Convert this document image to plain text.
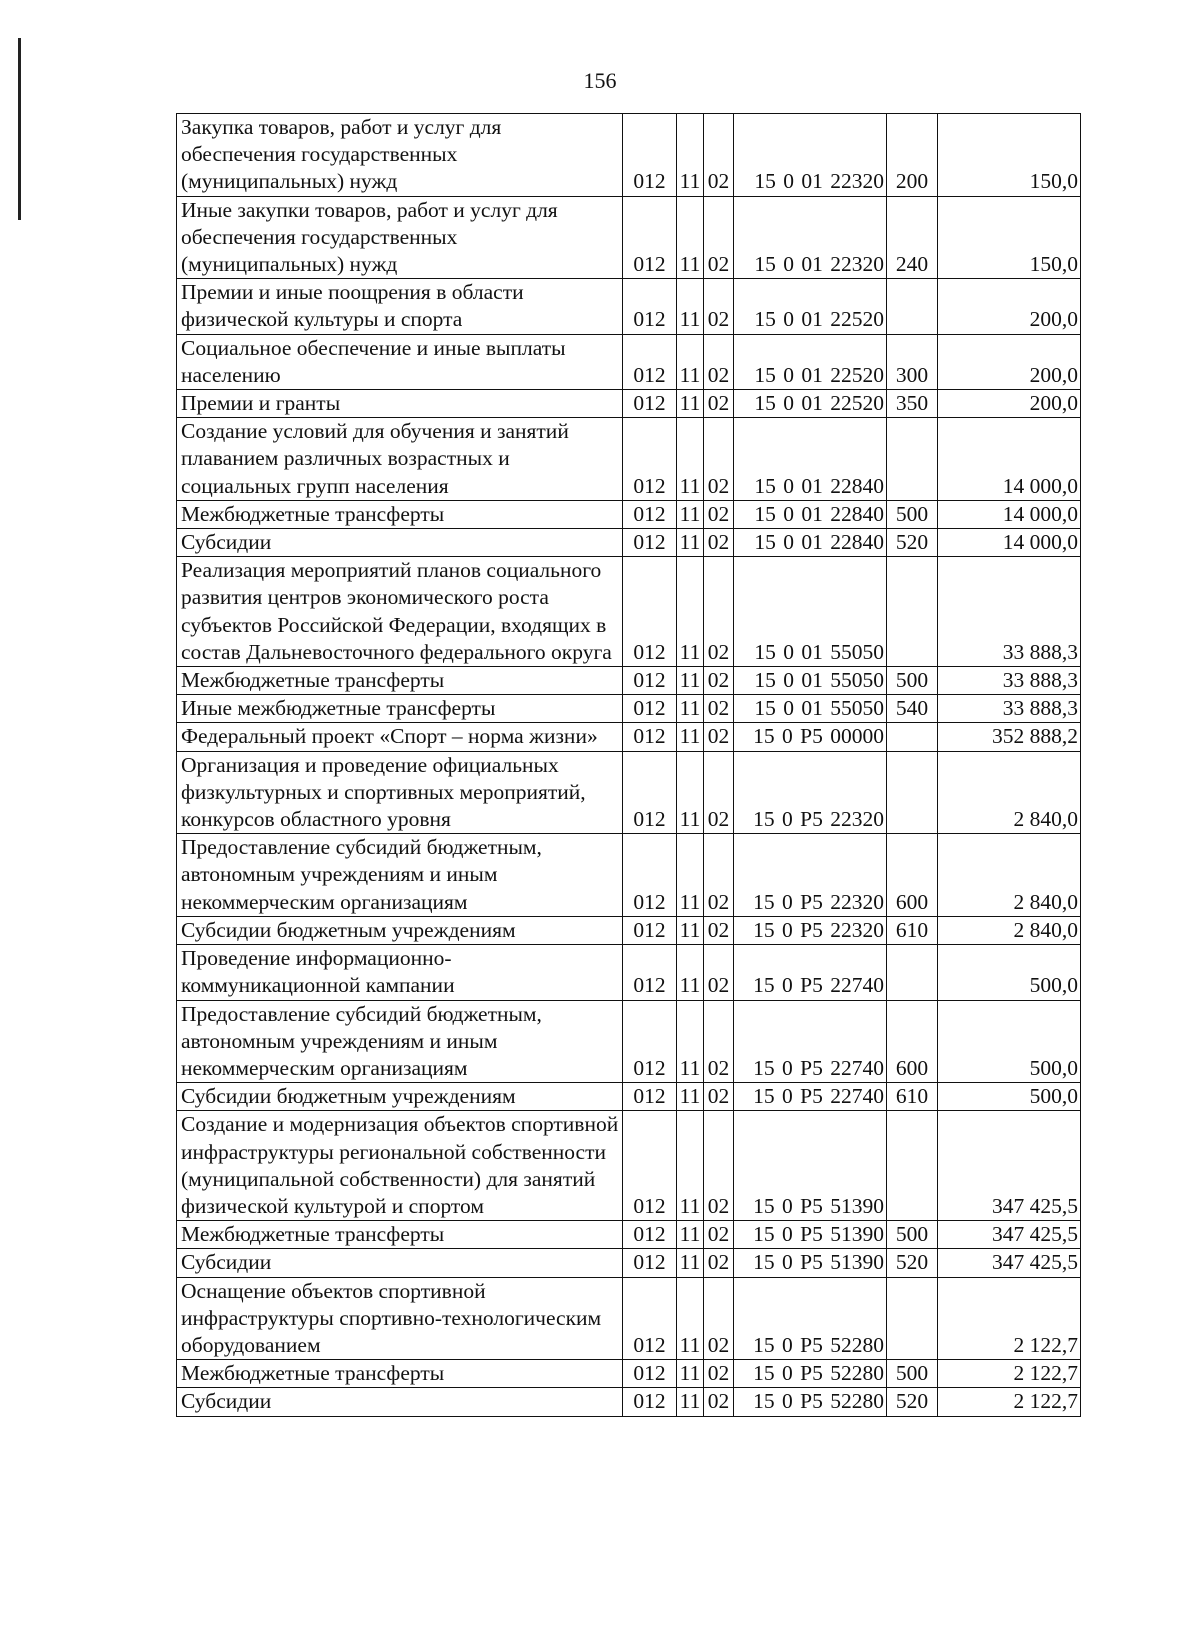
156
Закупка товаров, работ и услуг для обеспечения государственных (муниципальных) нужд	012	11	02	15 0 01 22320	200	150,0
Иные закупки товаров, работ и услуг для обеспечения государственных (муниципальных) нужд	012	11	02	15 0 01 22320	240	150,0
Премии и иные поощрения в области физической культуры и спорта	012	11	02	15 0 01 22520		200,0
Социальное обеспечение и иные выплаты населению	012	11	02	15 0 01 22520	300	200,0
Премии и гранты	012	11	02	15 0 01 22520	350	200,0
Создание условий для обучения и занятий плаванием различных возрастных и социальных групп населения	012	11	02	15 0 01 22840		14 000,0
Межбюджетные трансферты	012	11	02	15 0 01 22840	500	14 000,0
Субсидии	012	11	02	15 0 01 22840	520	14 000,0
Реализация мероприятий планов социального развития центров экономического роста субъектов Российской Федерации, входящих в состав Дальневосточного федерального округа	012	11	02	15 0 01 55050		33 888,3
Межбюджетные трансферты	012	11	02	15 0 01 55050	500	33 888,3
Иные межбюджетные трансферты	012	11	02	15 0 01 55050	540	33 888,3
Федеральный проект «Спорт – норма жизни»	012	11	02	15 0 P5 00000		352 888,2
Организация и проведение официальных физкультурных и спортивных мероприятий, конкурсов областного уровня	012	11	02	15 0 P5 22320		2 840,0
Предоставление субсидий бюджетным, автономным учреждениям и иным некоммерческим организациям	012	11	02	15 0 P5 22320	600	2 840,0
Субсидии бюджетным учреждениям	012	11	02	15 0 P5 22320	610	2 840,0
Проведение информационно-коммуникационной кампании	012	11	02	15 0 P5 22740		500,0
Предоставление субсидий бюджетным, автономным учреждениям и иным некоммерческим организациям	012	11	02	15 0 P5 22740	600	500,0
Субсидии бюджетным учреждениям	012	11	02	15 0 P5 22740	610	500,0
Создание и модернизация объектов спортивной инфраструктуры региональной собственности (муниципальной собственности) для занятий физической культурой и спортом	012	11	02	15 0 P5 51390		347 425,5
Межбюджетные трансферты	012	11	02	15 0 P5 51390	500	347 425,5
Субсидии	012	11	02	15 0 P5 51390	520	347 425,5
Оснащение объектов спортивной инфраструктуры спортивно-технологическим оборудованием	012	11	02	15 0 P5 52280		2 122,7
Межбюджетные трансферты	012	11	02	15 0 P5 52280	500	2 122,7
Субсидии	012	11	02	15 0 P5 52280	520	2 122,7
